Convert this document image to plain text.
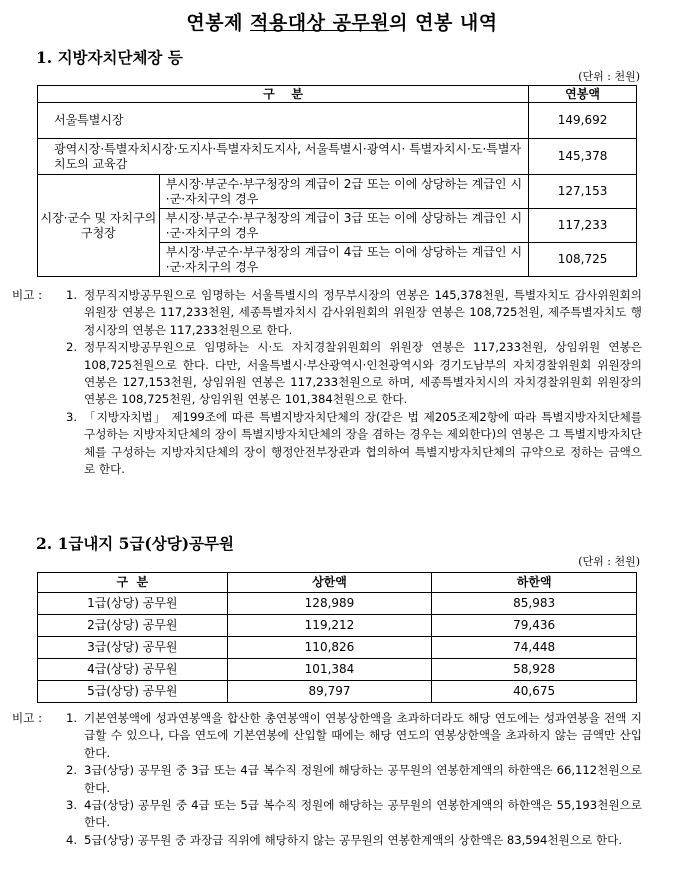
연봉제 적용대상 공무원의 연봉 내역
1. 지방자치단체장 등
(단위 : 천원)
구    분		연봉액
서울특별시장		149,692
광역시장·특별자치시장·도지사·특별자치도지사, 서울특별시·광역시· 특별자치시·도·특별자치도의 교육감		145,378
시장·군수 및 자치구의 구청장	부시장·부군수·부구청장의 계급이 2급 또는 이에 상당하는 계급인 시·군·자치구의 경우	127,153
	부시장·부군수·부구청장의 계급이 3급 또는 이에 상당하는 계급인 시·군·자치구의 경우	117,233
	부시장·부군수·부구청장의 계급이 4급 또는 이에 상당하는 계급인 시·군·자치구의 경우	108,725
비고 :	1. 정무직지방공무원으로 임명하는 서울특별시의 정무부시장의 연봉은 145,378천원, 특별자치도 감사위원회의 위원장 연봉은 117,233천원, 세종특별자치시 감사위원회의 위원장 연봉은 108,725천원, 제주특별자치도 행정시장의 연봉은 117,233천원으로 한다.
2. 정무직지방공무원으로 임명하는 시·도 자치경찰위원회의 위원장 연봉은 117,233천원, 상임위원 연봉은 108,725천원으로 한다. 다만, 서울특별시·부산광역시·인천광역시와 경기도남부의 자치경찰위원회 위원장의 연봉은 127,153천원, 상임위원 연봉은 117,233천원으로 하며, 세종특별자치시의 자치경찰위원회 위원장의 연봉은 108,725천원, 상임위원 연봉은 101,384천원으로 한다.
3. 「지방자치법」 제199조에 따른 특별지방자치단체의 장(같은 법 제205조제2항에 따라 특별지방자치단체를 구성하는 지방자치단체의 장이 특별지방자치단체의 장을 겸하는 경우는 제외한다)의 연봉은 그 특별지방자치단체를 구성하는 지방자치단체의 장이 행정안전부장관과 협의하여 특별지방자치단체의 규약으로 정하는 금액으로 한다.
2. 1급내지 5급(상당)공무원
(단위 : 천원)
구  분	상한액	하한액
1급(상당) 공무원	128,989	85,983
2급(상당) 공무원	119,212	79,436
3급(상당) 공무원	110,826	74,448
4급(상당) 공무원	101,384	58,928
5급(상당) 공무원	89,797	40,675
비고 :	1. 기본연봉액에 성과연봉액을 합산한 총연봉액이 연봉상한액을 초과하더라도 해당 연도에는 성과연봉을 전액 지급할 수 있으나, 다음 연도에 기본연봉에 산입할 때에는 해당 연도의 연봉상한액을 초과하지 않는 금액만 산입한다.
2. 3급(상당) 공무원 중 3급 또는 4급 복수직 정원에 해당하는 공무원의 연봉한계액의 하한액은 66,112천원으로 한다.
3. 4급(상당) 공무원 중 4급 또는 5급 복수직 정원에 해당하는 공무원의 연봉한계액의 하한액은 55,193천원으로 한다.
4. 5급(상당) 공무원 중 과장급 직위에 해당하지 않는 공무원의 연봉한계액의 상한액은 83,594천원으로 한다.
